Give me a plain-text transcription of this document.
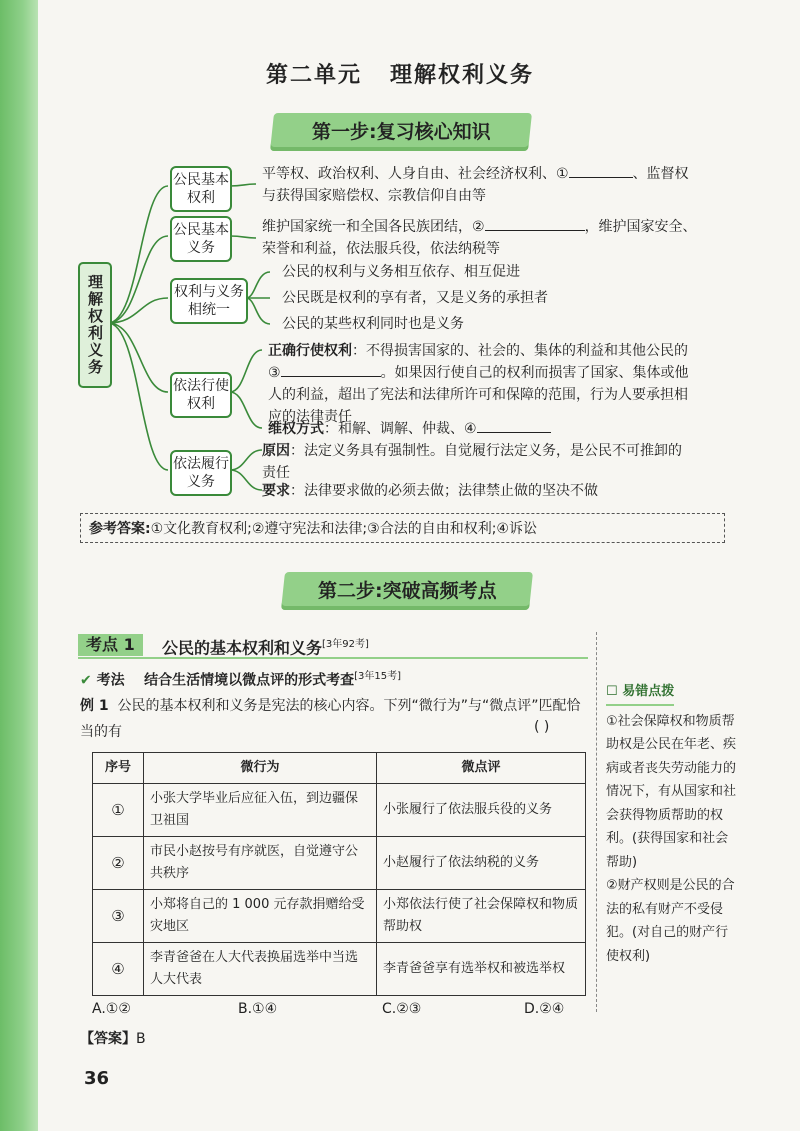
第二单元 理解权利义务
第一步:复习核心知识
理解权利义务
公民基本权利
公民基本义务
权利与义务相统一
依法行使权利
依法履行义务
平等权、政治权利、人身自由、社会经济权利、①	、监督权
与获得国家赔偿权、宗教信仰自由等
维护国家统一和全国各民族团结，②	，维护国家安全、
荣誉和利益，依法服兵役，依法纳税等
公民的权利与义务相互依存、相互促进
公民既是权利的享有者，又是义务的承担者
公民的某些权利同时也是义务
正确行使权利：不得损害国家的、社会的、集体的利益和其他公民的
③	。如果因行使自己的权利而损害了国家、集体或他
人的利益，超出了宪法和法律所许可和保障的范围，行为人要承担相
应的法律责任
维权方式：和解、调解、仲裁、④
原因：法定义务具有强制性。自觉履行法定义务，是公民不可推卸的
责任
要求：法律要求做的必须去做；法律禁止做的坚决不做
参考答案:①文化教育权利;②遵守宪法和法律;③合法的自由和权利;④诉讼
第二步:突破高频考点
考点 1	公民的基本权利和义务[3年92考]
✔ 考法 结合生活情境以微点评的形式考查[3年15考]
例 1 公民的基本权利和义务是宪法的核心内容。下列“微行为”与“微点评”匹配恰当的有	( )
序号	微行为	微点评
①	小张大学毕业后应征入伍，到边疆保卫祖国	小张履行了依法服兵役的义务
②	市民小赵按号有序就医，自觉遵守公共秩序	小赵履行了依法纳税的义务
③	小郑将自己的 1 000 元存款捐赠给受灾地区	小郑依法行使了社会保障权和物质帮助权
④	李青爸爸在人大代表换届选举中当选人大代表	李青爸爸享有选举权和被选举权
A.①②	B.①④	C.②③	D.②④
【答案】B
☐ 易错点拨
①社会保障权和物质帮助权是公民在年老、疾病或者丧失劳动能力的情况下，有从国家和社会获得物质帮助的权利。(获得国家和社会帮助)
②财产权则是公民的合法的私有财产不受侵犯。(对自己的财产行使权利)
36
